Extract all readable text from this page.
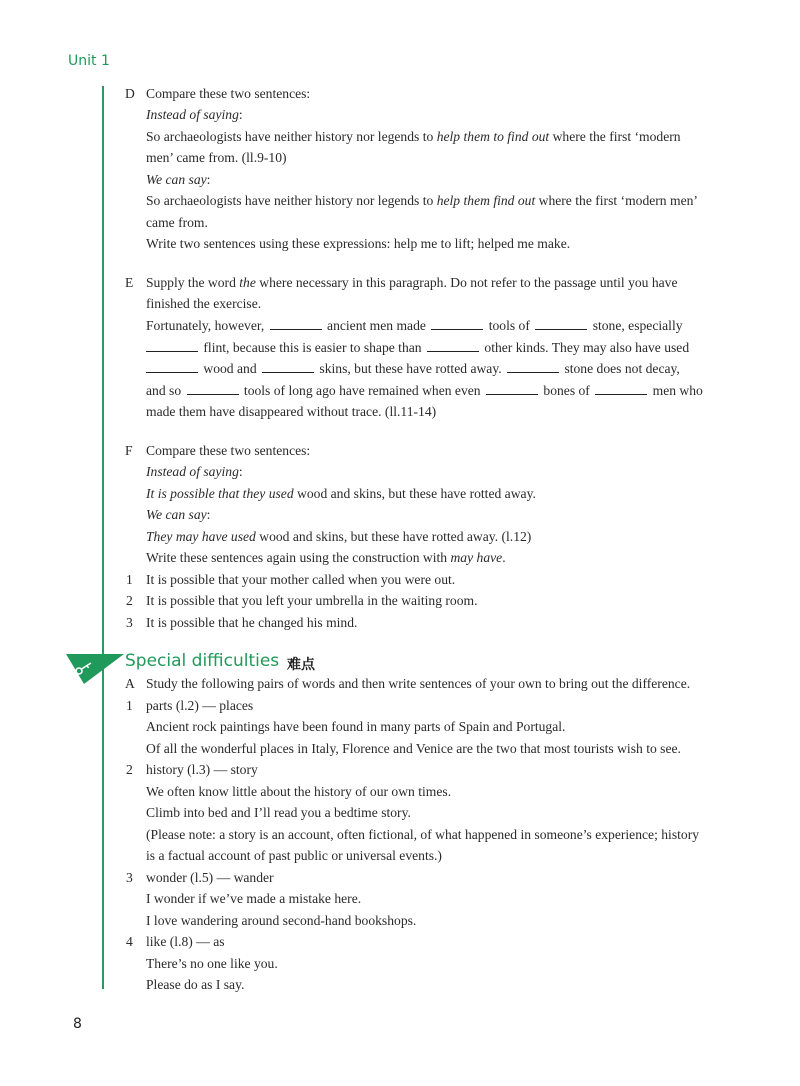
Unit 1
D Compare these two sentences:
Instead of saying:
So archaeologists have neither history nor legends to help them to find out where the first ‘modern
men’ came from. (ll.9-10)
We can say:
So archaeologists have neither history nor legends to help them find out where the first ‘modern men’
came from.
Write two sentences using these expressions: help me to lift; helped me make.
E Supply the word the where necessary in this paragraph. Do not refer to the passage until you have
finished the exercise.
Fortunately, however,	ancient men made	tools of	stone, especially
flint, because this is easier to shape than	other kinds. They may also have used
wood and	skins, but these have rotted away.	stone does not decay,
and so	tools of long ago have remained when even	bones of	men who
made them have disappeared without trace. (ll.11-14)
F Compare these two sentences:
Instead of saying:
It is possible that they used wood and skins, but these have rotted away.
We can say:
They may have used wood and skins, but these have rotted away. (l.12)
Write these sentences again using the construction with may have.
1 It is possible that your mother called when you were out.
2 It is possible that you left your umbrella in the waiting room.
3 It is possible that he changed his mind.
Special difficulties 难点
A Study the following pairs of words and then write sentences of your own to bring out the difference.
1 parts (l.2) — places
Ancient rock paintings have been found in many parts of Spain and Portugal.
Of all the wonderful places in Italy, Florence and Venice are the two that most tourists wish to see.
2 history (l.3) — story
We often know little about the history of our own times.
Climb into bed and I’ll read you a bedtime story.
(Please note: a story is an account, often fictional, of what happened in someone’s experience; history
is a factual account of past public or universal events.)
3 wonder (l.5) — wander
I wonder if we’ve made a mistake here.
I love wandering around second-hand bookshops.
4 like (l.8) — as
There’s no one like you.
Please do as I say.
8
